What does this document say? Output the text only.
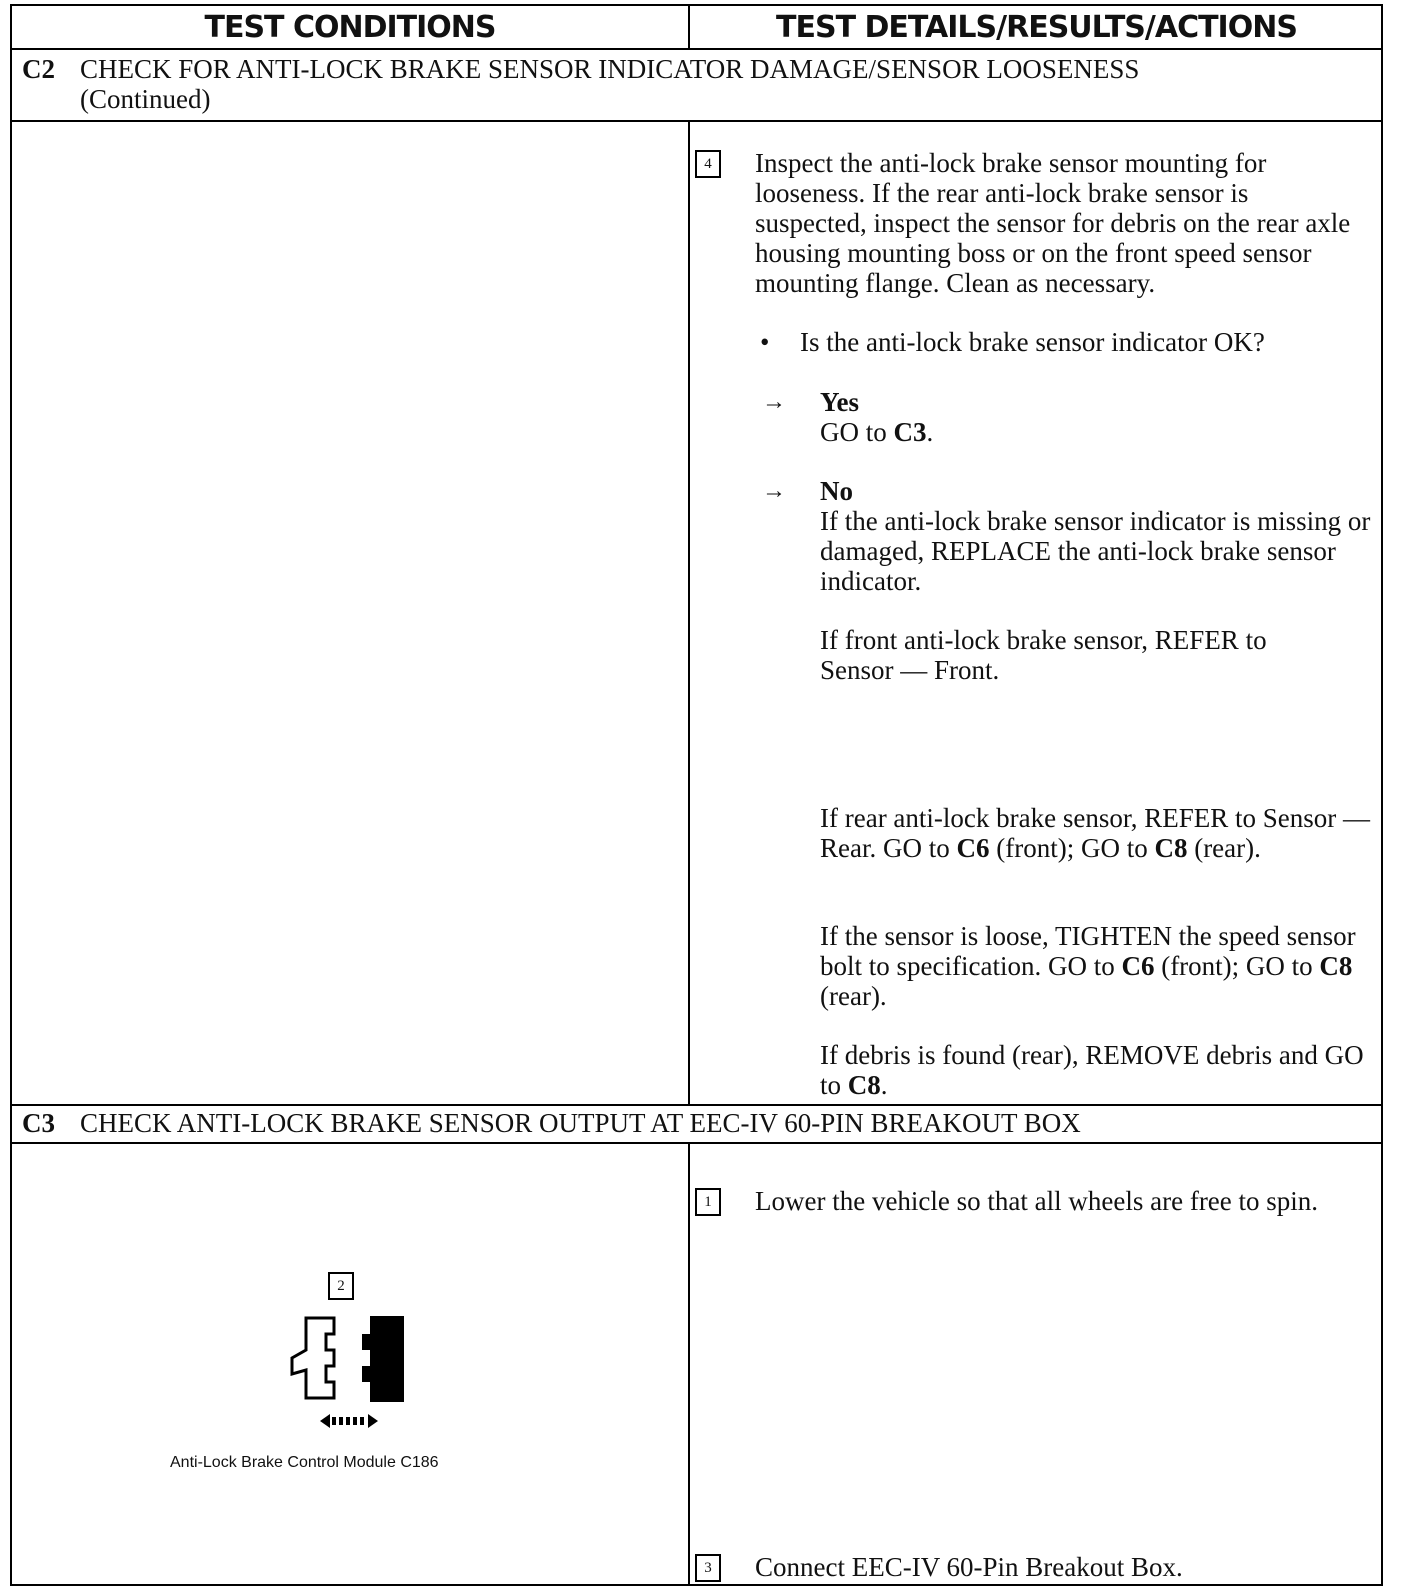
TEST CONDITIONS	TEST DETAILS/RESULTS/ACTIONS
C2 CHECK FOR ANTI-LOCK BRAKE SENSOR INDICATOR DAMAGE/SENSOR LOOSENESS
(Continued)
4	Inspect the anti-lock brake sensor mounting for looseness. If the rear anti-lock brake sensor is suspected, inspect the sensor for debris on the rear axle housing mounting boss or on the front speed sensor mounting flange. Clean as necessary.
•	Is the anti-lock brake sensor indicator OK?
→	Yes
GO to C3.
→	No
If the anti-lock brake sensor indicator is missing or damaged, REPLACE the anti-lock brake sensor indicator.
If front anti-lock brake sensor, REFER to Sensor — Front.
If rear anti-lock brake sensor, REFER to Sensor — Rear. GO to C6 (front); GO to C8 (rear).
If the sensor is loose, TIGHTEN the speed sensor bolt to specification. GO to C6 (front); GO to C8 (rear).
If debris is found (rear), REMOVE debris and GO to C8.
C3 CHECK ANTI-LOCK BRAKE SENSOR OUTPUT AT EEC-IV 60-PIN BREAKOUT BOX
1	Lower the vehicle so that all wheels are free to spin.
2
Anti-Lock Brake Control Module C186
3	Connect EEC-IV 60-Pin Breakout Box.
